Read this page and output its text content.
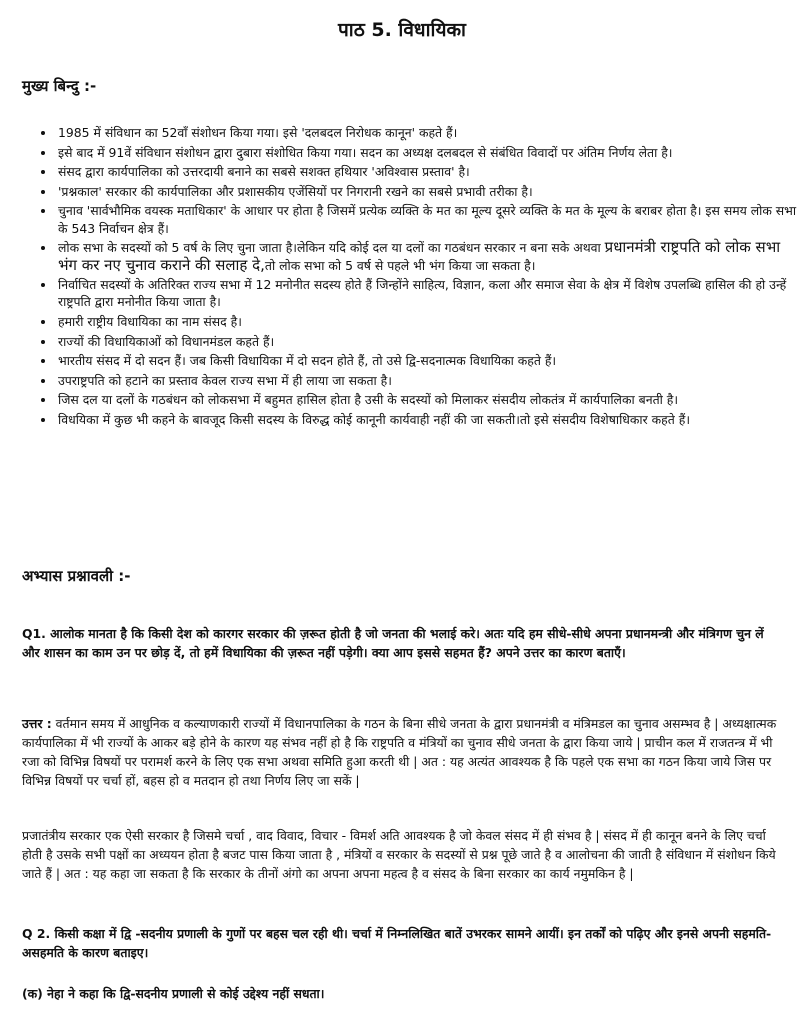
पाठ 5. विधायिका
मुख्य बिन्दु :-
• 1985 में संविधान का 52वाँ संशोधन किया गया। इसे 'दलबदल निरोधक कानून' कहते हैं।
• इसे बाद में 91वें संविधान संशोधन द्वारा दुबारा संशोधित किया गया। सदन का अध्यक्ष दलबदल से संबंधित विवादों पर अंतिम निर्णय लेता है।
• संसद द्वारा कार्यपालिका को उत्तरदायी बनाने का सबसे सशक्त हथियार 'अविश्वास प्रस्ताव' है।
• 'प्रश्नकाल' सरकार की कार्यपालिका और प्रशासकीय एजेंसियों पर निगरानी रखने का सबसे प्रभावी तरीका है।
• चुनाव 'सार्वभौमिक वयस्क मताधिकार' के आधार पर होता है जिसमें प्रत्येक व्यक्ति के मत का मूल्य दूसरे व्यक्ति के मत के मूल्य के बराबर होता है। इस समय लोक सभा के 543 निर्वाचन क्षेत्र हैं।
• लोक सभा के सदस्यों को 5 वर्ष के लिए चुना जाता है।लेकिन यदि कोई दल या दलों का गठबंधन सरकार न बना सके अथवा प्रधानमंत्री राष्ट्रपति को लोक सभा भंग कर नए चुनाव कराने की सलाह दे,तो लोक सभा को 5 वर्ष से पहले भी भंग किया जा सकता है।
• निर्वाचित सदस्यों के अतिरिक्त राज्य सभा में 12 मनोनीत सदस्य होते हैं जिन्होंने साहित्य, विज्ञान, कला और समाज सेवा के क्षेत्र में विशेष उपलब्धि हासिल की हो उन्हें राष्ट्रपति द्वारा मनोनीत किया जाता है।
• हमारी राष्ट्रीय विधायिका का नाम संसद है।
• राज्यों की विधायिकाओं को विधानमंडल कहते हैं।
• भारतीय संसद में दो सदन हैं। जब किसी विधायिका में दो सदन होते हैं, तो उसे द्वि-सदनात्मक विधायिका कहते हैं।
• उपराष्ट्रपति को हटाने का प्रस्ताव केवल राज्य सभा में ही लाया जा सकता है।
• जिस दल या दलों के गठबंधन को लोकसभा में बहुमत हासिल होता है उसी के सदस्यों को मिलाकर संसदीय लोकतंत्र में कार्यपालिका बनती है।
• विधयिका में कुछ भी कहने के बावजूद किसी सदस्य के विरुद्ध कोई कानूनी कार्यवाही नहीं की जा सकती।तो इसे संसदीय विशेषाधिकार कहते हैं।
अभ्यास प्रश्नावली :-

Q1. आलोक मानता है कि किसी देश को कारगर सरकार की ज़रूत होती है जो जनता की भलाई करे। अतः यदि हम सीधे-सीधे अपना प्रधानमन्त्री और मंत्रिगण चुन लें और शासन का काम उन पर छोड़ दें, तो हमें विधायिका की ज़रूत नहीं पड़ेगी। क्या आप इससे सहमत हैं? अपने उत्तर का कारण बताएँ।

उत्तर : वर्तमान समय में आधुनिक व कल्याणकारी राज्यों में विधानपालिका के गठन के बिना सीधे जनता के द्वारा प्रधानमंत्री व मंत्रिमडल का चुनाव असम्भव है | अध्यक्षात्मक कार्यपालिका में भी राज्यों के आकर बड़े होने के कारण यह संभव नहीं हो है कि राष्ट्रपति व मंत्रियों का चुनाव सीधे जनता के द्वारा किया जाये | प्राचीन कल में राजतन्त्र में भी रजा को विभिन्न विषयों पर परामर्श करने के लिए एक सभा अथवा समिति हुआ करती थी | अत : यह अत्यंत आवश्यक है कि पहले एक सभा का गठन किया जाये जिस पर विभिन्न विषयों पर चर्चा हों, बहस हो व मतदान हो तथा निर्णय लिए जा सकें |

प्रजातंत्रीय सरकार एक ऐसी सरकार है जिसमे चर्चा , वाद विवाद, विचार - विमर्श अति आवश्यक है जो केवल संसद में ही संभव है | संसद में ही कानून बनने के लिए चर्चा होती है उसके सभी पक्षों का अध्ययन होता है बजट पास किया जाता है , मंत्रियों व सरकार के सदस्यों से प्रश्न पूछे जाते है व आलोचना की जाती है संविधान में संशोधन किये जाते हैं | अत : यह कहा जा सकता है कि सरकार के तीनों अंगो का अपना अपना महत्व है व संसद के बिना सरकार का कार्य नमुमकिन है |

Q 2. किसी कक्षा में द्वि -सदनीय प्रणाली के गुणों पर बहस चल रही थी। चर्चा में निम्नलिखित बातें उभरकर सामने आयीं। इन तर्कों को पढ़िए और इनसे अपनी सहमति-असहमति के कारण बताइए।

(क) नेहा ने कहा कि द्वि-सदनीय प्रणाली से कोई उद्देश्य नहीं सधता।
